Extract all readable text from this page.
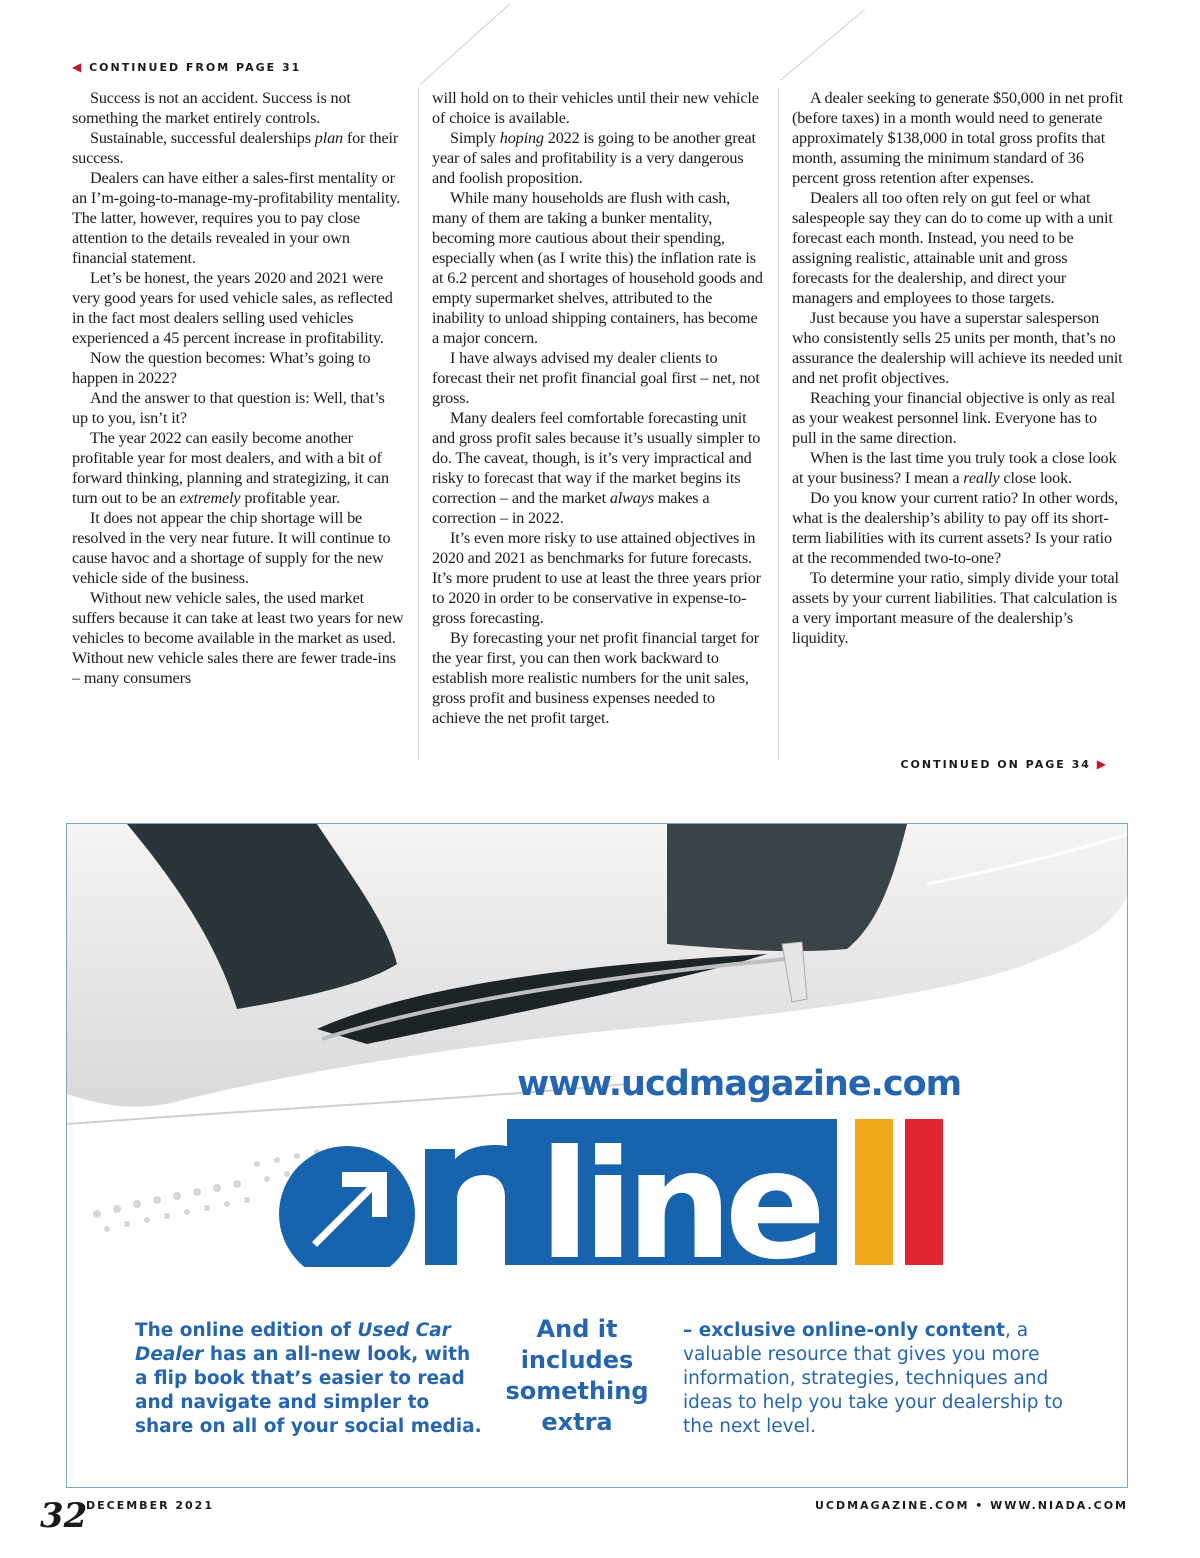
◀ CONTINUED FROM PAGE 31

Success is not an accident. Success is not something the market entirely controls.

Sustainable, successful dealerships plan for their success.

Dealers can have either a sales-first mentality or an I’m-going-to-manage-my-profitability mentality. The latter, however, requires you to pay close attention to the details revealed in your own financial statement.

Let’s be honest, the years 2020 and 2021 were very good years for used vehicle sales, as reflected in the fact most dealers selling used vehicles experienced a 45 percent increase in profitability.

Now the question becomes: What’s going to happen in 2022?

And the answer to that question is: Well, that’s up to you, isn’t it?

The year 2022 can easily become another profitable year for most dealers, and with a bit of forward thinking, planning and strategizing, it can turn out to be an extremely profitable year.

It does not appear the chip shortage will be resolved in the very near future. It will continue to cause havoc and a shortage of supply for the new vehicle side of the business.

Without new vehicle sales, the used market suffers because it can take at least two years for new vehicles to become available in the market as used. Without new vehicle sales there are fewer trade-ins – many consumers

will hold on to their vehicles until their new vehicle of choice is available.

Simply hoping 2022 is going to be another great year of sales and profitability is a very dangerous and foolish proposition.

While many households are flush with cash, many of them are taking a bunker mentality, becoming more cautious about their spending, especially when (as I write this) the inflation rate is at 6.2 percent and shortages of household goods and empty supermarket shelves, attributed to the inability to unload shipping containers, has become a major concern.

I have always advised my dealer clients to forecast their net profit financial goal first – net, not gross.

Many dealers feel comfortable forecasting unit and gross profit sales because it’s usually simpler to do. The caveat, though, is it’s very impractical and risky to forecast that way if the market begins its correction – and the market always makes a correction – in 2022.

It’s even more risky to use attained objectives in 2020 and 2021 as benchmarks for future forecasts. It’s more prudent to use at least the three years prior to 2020 in order to be conservative in expense-to-gross forecasting.

By forecasting your net profit financial target for the year first, you can then work backward to establish more realistic numbers for the unit sales, gross profit and business expenses needed to achieve the net profit target.

A dealer seeking to generate $50,000 in net profit (before taxes) in a month would need to generate approximately $138,000 in total gross profits that month, assuming the minimum standard of 36 percent gross retention after expenses.

Dealers all too often rely on gut feel or what salespeople say they can do to come up with a unit forecast each month. Instead, you need to be assigning realistic, attainable unit and gross forecasts for the dealership, and direct your managers and employees to those targets.

Just because you have a superstar salesperson who consistently sells 25 units per month, that’s no assurance the dealership will achieve its needed unit and net profit objectives.

Reaching your financial objective is only as real as your weakest personnel link. Everyone has to pull in the same direction.

When is the last time you truly took a close look at your business? I mean a really close look.

Do you know your current ratio? In other words, what is the dealership’s ability to pay off its short-term liabilities with its current assets? Is your ratio at the recommended two-to-one?

To determine your ratio, simply divide your total assets by your current liabilities. That calculation is a very important measure of the dealership’s liquidity.

CONTINUED ON PAGE 34 ▶
www.ucdmagazine.com
line
The online edition of Used Car Dealer has an all-new look, with a flip book that’s easier to read and navigate and simpler to share on all of your social media.
And it includes something extra
– exclusive online-only content, a valuable resource that gives you more information, strategies, techniques and ideas to help you take your dealership to the next level.
32
DECEMBER 2021	UCDMAGAZINE.COM • WWW.NIADA.COM
